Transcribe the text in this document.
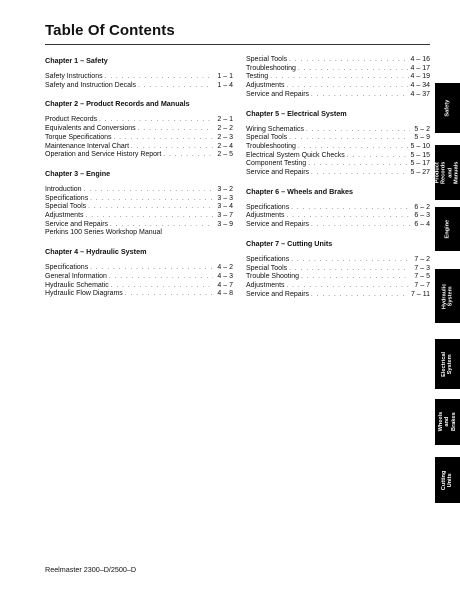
Table Of Contents
Chapter 1 – Safety
Safety Instructions . . .	1 – 1
Safety and Instruction Decals . . .	1 – 4
Chapter 2 – Product Records and Manuals
Product Records . . .	2 – 1
Equivalents and Conversions . . .	2 – 2
Torque Specifications . . .	2 – 3
Maintenance Interval Chart . . .	2 – 4
Operation and Service History Report . . .	2 – 5
Chapter 3 – Engine
Introduction . . .	3 – 2
Specifications . . .	3 – 3
Special Tools . . .	3 – 4
Adjustments . . .	3 – 7
Service and Repairs . . .	3 – 9
Perkins 100 Series Workshop Manual
Chapter 4 – Hydraulic System
Specifications . . .	4 – 2
General Information . . .	4 – 3
Hydraulic Schematic . . .	4 – 7
Hydraulic Flow Diagrams . . .	4 – 8
Special Tools . . .	4 – 16
Troubleshooting . . .	4 – 17
Testing . . .	4 – 19
Adjustments . . .	4 – 34
Service and Repairs . . .	4 – 37
Chapter 5 – Electrical System
Wiring Schematics . . .	5 – 2
Special Tools . . .	5 – 9
Troubleshooting . . .	5 – 10
Electrical System Quick Checks . . .	5 – 15
Component Testing . . .	5 – 17
Service and Repairs . . .	5 – 27
Chapter 6 – Wheels and Brakes
Specifications . . .	6 – 2
Adjustments . . .	6 – 3
Service and Repairs . . .	6 – 4
Chapter 7 – Cutting Units
Specifications . . .	7 – 2
Special Tools . . .	7 – 3
Trouble Shooting . . .	7 – 5
Adjustments . . .	7 – 7
Service and Repairs . . .	7 – 11
Safety
Product Records
and Manuals
Engine
Hydraulic
System
Electrical
System
Wheels and
Brakes
Cutting Units
Reelmaster 2300–D/2500–D
